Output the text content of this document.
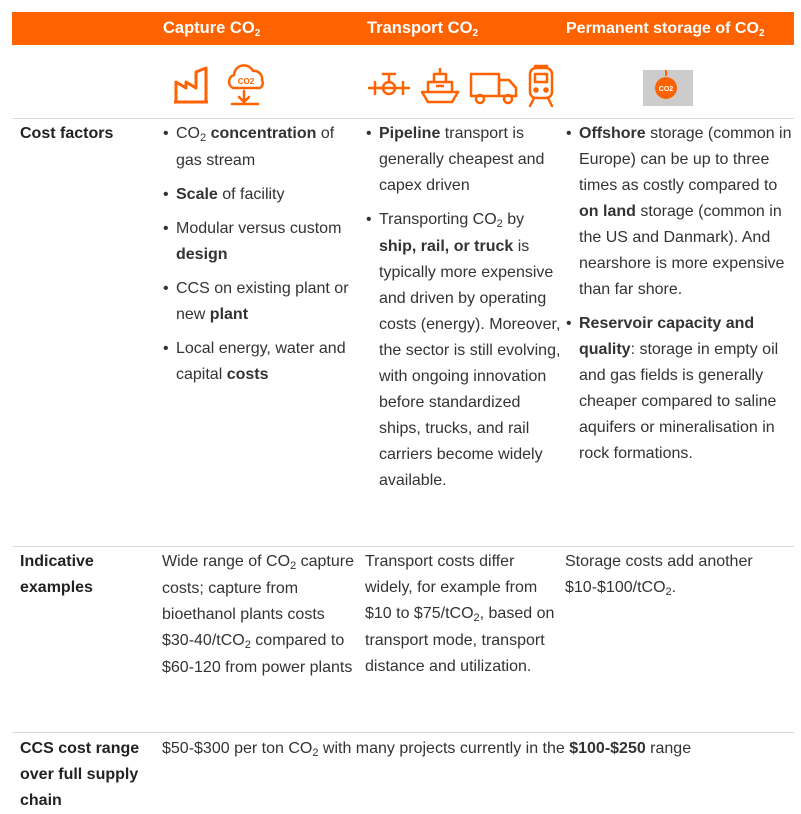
Capture $CO_2$	Transport $CO_2$	Permanent storage of $CO_2$
CO2
CO2
Cost factors
•	$CO_2$ concentration of gas stream
• Scale of facility
• Modular versus custom design
• CCS on existing plant or new plant
• Local energy, water and capital costs
• Pipeline transport is generally cheapest and capex driven
• Transporting $CO_2$ by ship, rail, or truck is typically more expensive and driven by operating costs (energy). Moreover, the sector is still evolving, with ongoing innovation before standardized ships, trucks, and rail carriers become widely available.
• Offshore storage (common in Europe) can be up to three times as costly compared to on land storage (common in the US and Danmark). And nearshore is more expensive than far shore.
• Reservoir capacity and quality: storage in empty oil and gas fields is generally cheaper compared to saline aquifers or mineralisation in rock formations.
Indicative
examples

Wide range of $CO_2$ capture costs; capture from bioethanol plants costs $30-40/tCO$_2$ compared to $60-120 from power plants

Transport costs differ widely, for example from $10 to $75/tCO$_2$, based on transport mode, transport distance and utilization.

Storage costs add another $10-$100/tCO$_2$.

CCS cost range
over full supply
chain
$50-$300 per ton $CO_2$ with many projects currently in the $100-$250 range
